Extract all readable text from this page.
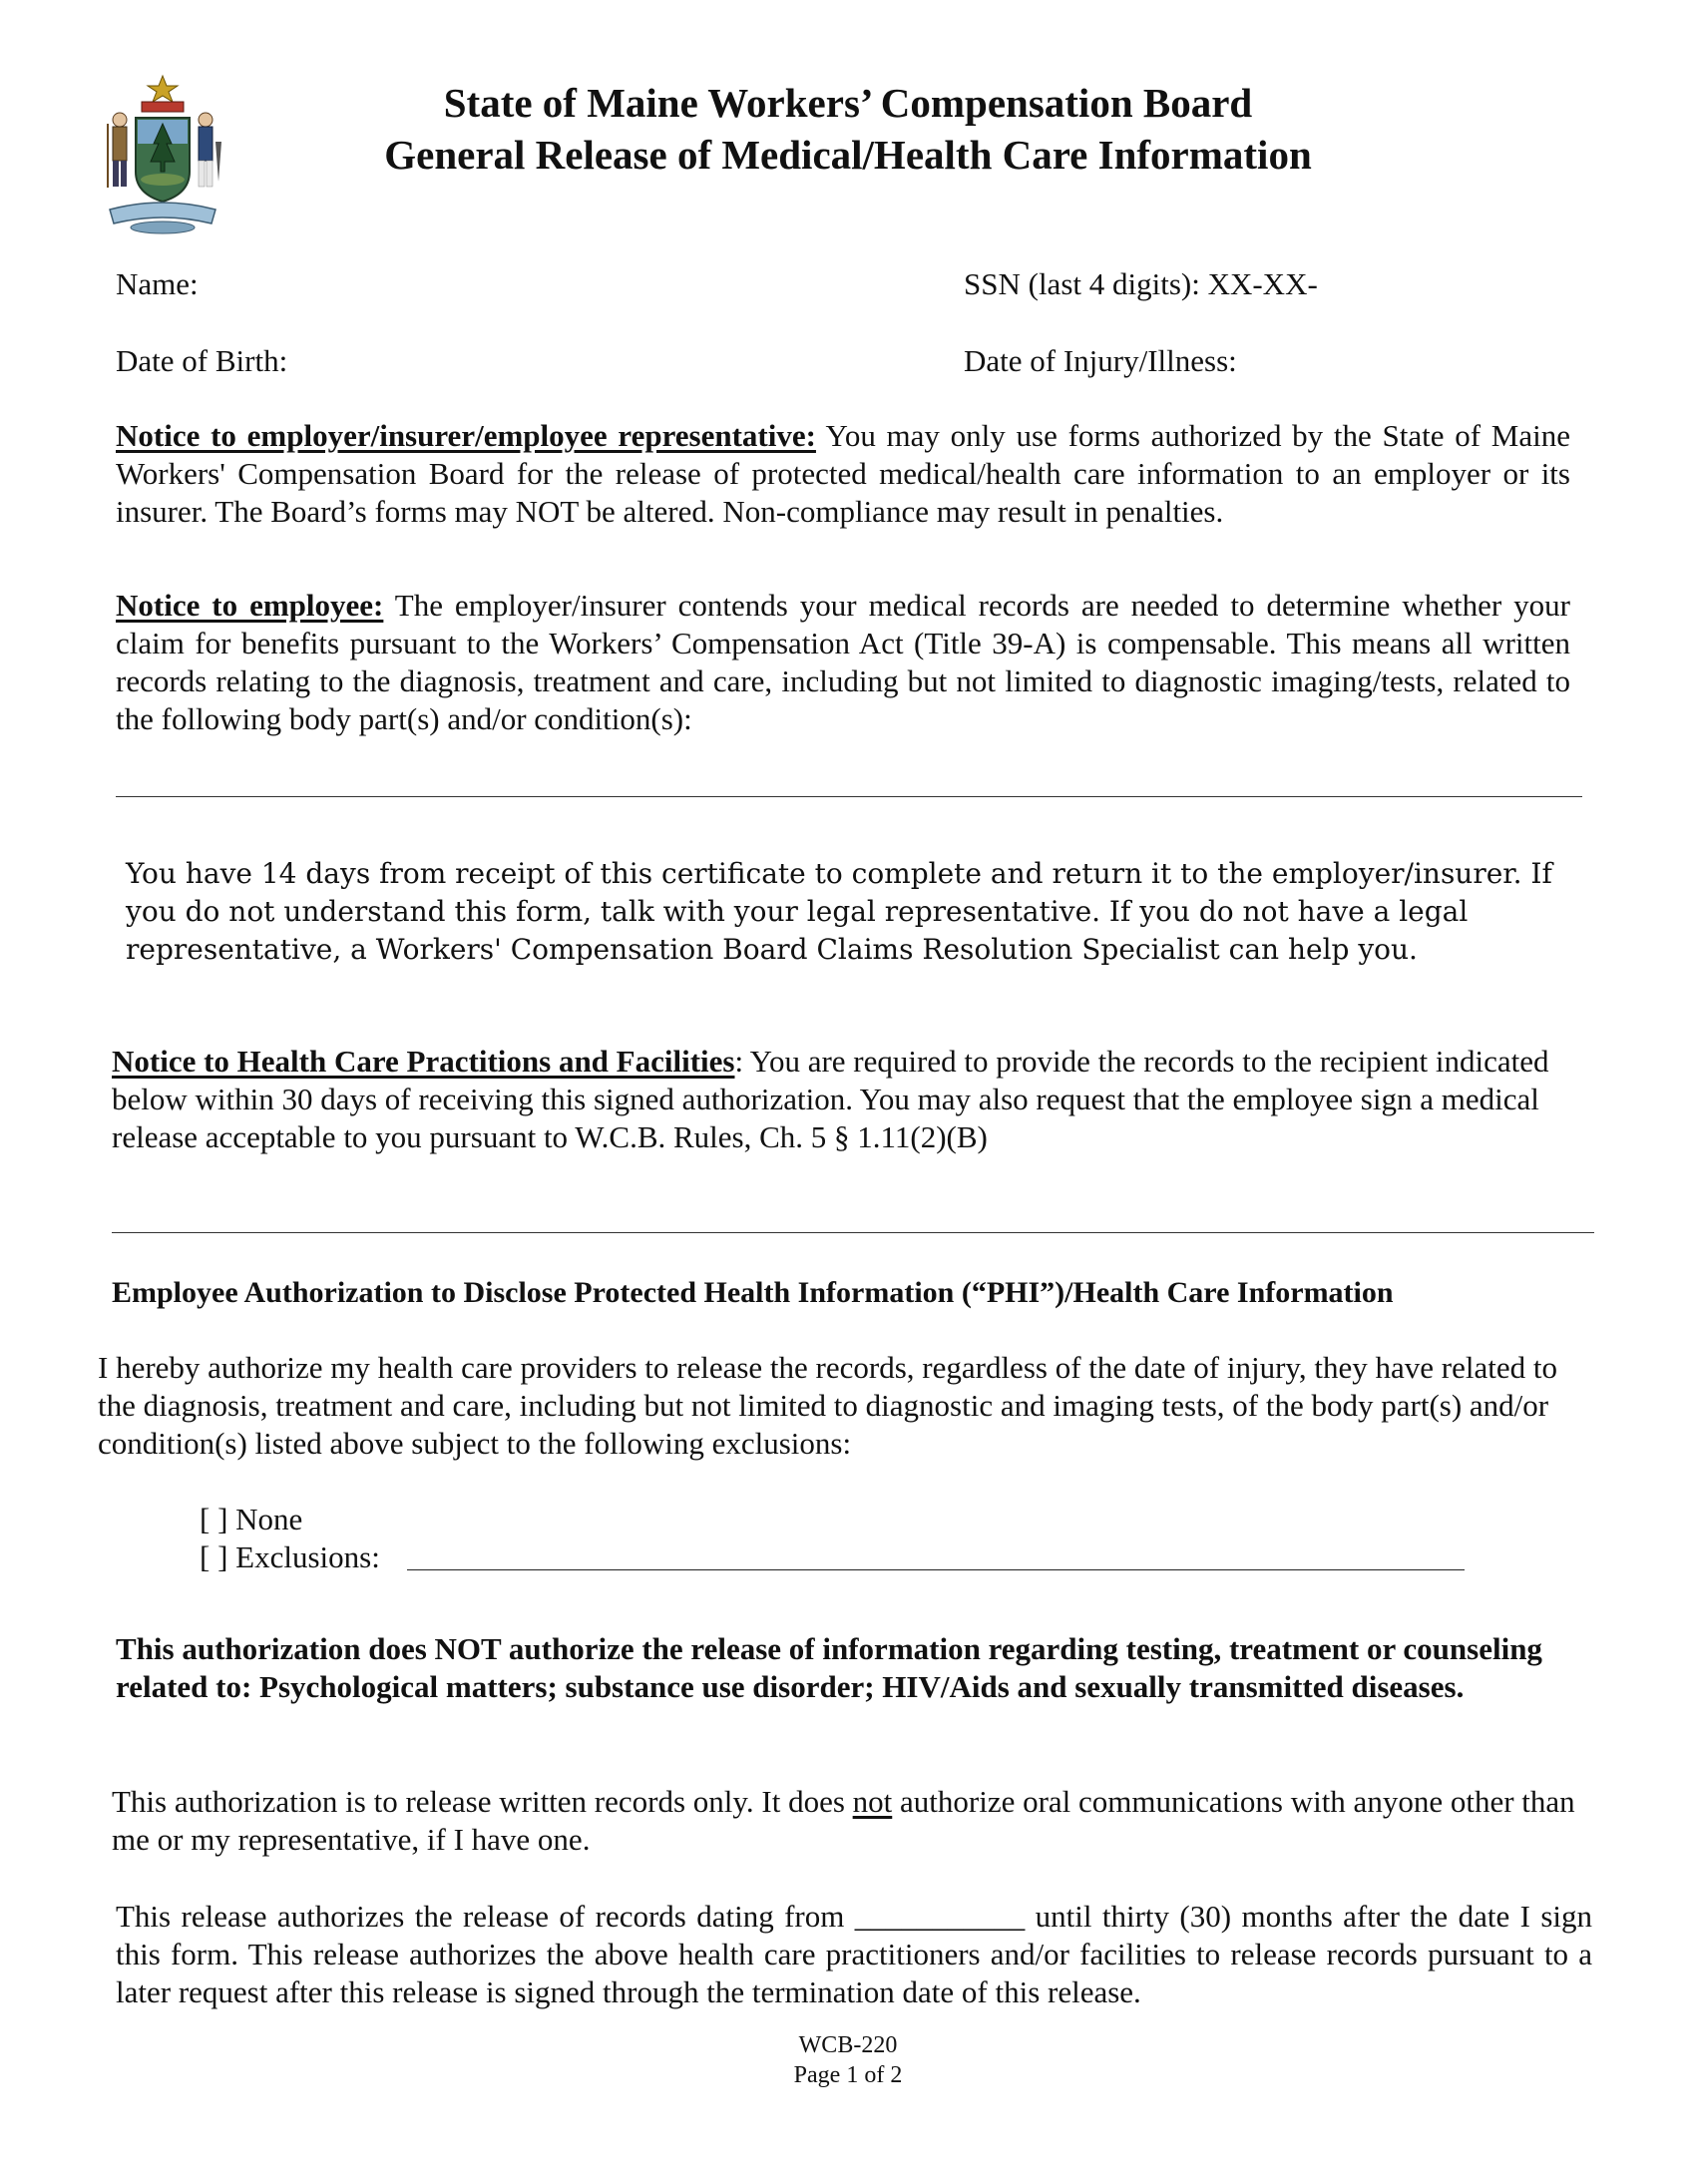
State of Maine Workers’ Compensation Board
General Release of Medical/Health Care Information
Name:	SSN (last 4 digits): XX-XX-
Date of Birth:	Date of Injury/Illness:
Notice to employer/insurer/employee representative: You may only use forms authorized by the State of Maine Workers' Compensation Board for the release of protected medical/health care information to an employer or its insurer. The Board’s forms may NOT be altered. Non-compliance may result in penalties.
Notice to employee: The employer/insurer contends your medical records are needed to determine whether your claim for benefits pursuant to the Workers’ Compensation Act (Title 39-A) is compensable. This means all written records relating to the diagnosis, treatment and care, including but not limited to diagnostic imaging/tests, related to the following body part(s) and/or condition(s):
You have 14 days from receipt of this certificate to complete and return it to the employer/insurer. If you do not understand this form, talk with your legal representative. If you do not have a legal representative, a Workers' Compensation Board Claims Resolution Specialist can help you.
Notice to Health Care Practitions and Facilities: You are required to provide the records to the recipient indicated below within 30 days of receiving this signed authorization. You may also request that the employee sign a medical release acceptable to you pursuant to W.C.B. Rules, Ch. 5 § 1.11(2)(B)
Employee Authorization to Disclose Protected Health Information (“PHI”)/Health Care Information
I hereby authorize my health care providers to release the records, regardless of the date of injury, they have related to the diagnosis, treatment and care, including but not limited to diagnostic and imaging tests, of the body part(s) and/or condition(s) listed above subject to the following exclusions:
[ ] None
[ ] Exclusions:
This authorization does NOT authorize the release of information regarding testing, treatment or counseling related to: Psychological matters; substance use disorder; HIV/Aids and sexually transmitted diseases.
This authorization is to release written records only. It does not authorize oral communications with anyone other than me or my representative, if I have one.
This release authorizes the release of records dating from ___________ until thirty (30) months after the date I sign this form. This release authorizes the above health care practitioners and/or facilities to release records pursuant to a later request after this release is signed through the termination date of this release.
WCB-220
Page 1 of 2
